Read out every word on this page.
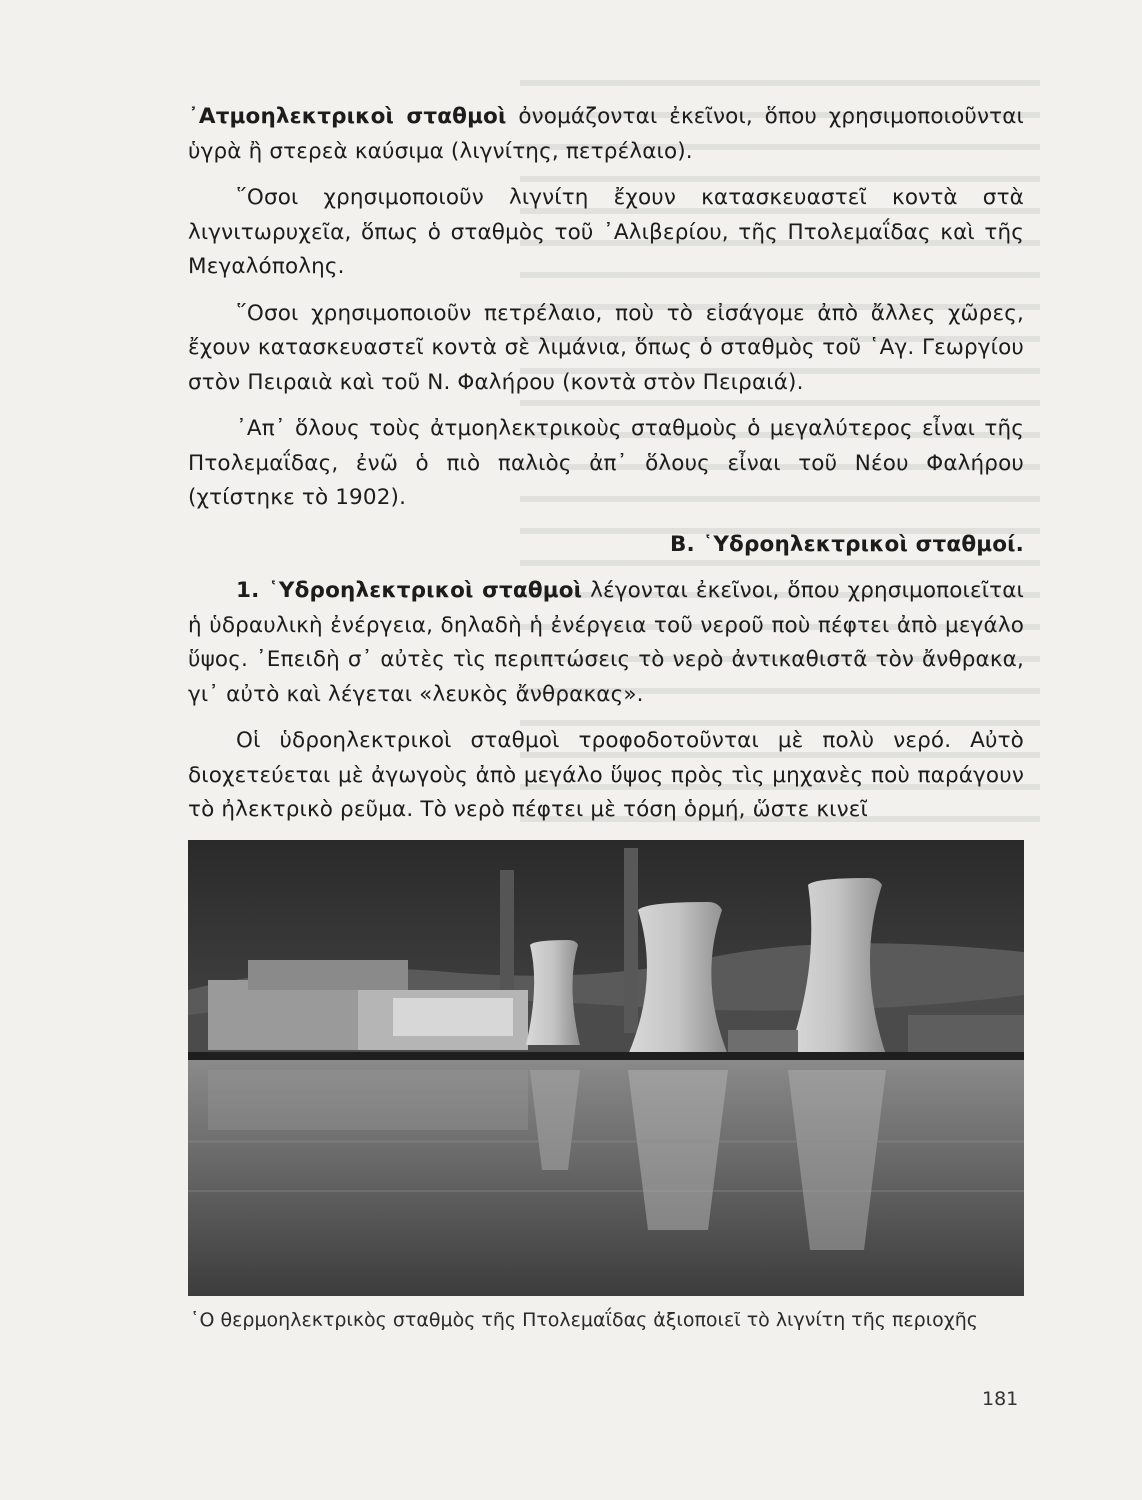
᾿Ατμοηλεκτρικοὶ σταθμοὶ ὀνομάζονται ἐκεῖνοι, ὅπου χρησιμοποιοῦνται ὑγρὰ ἢ στερεὰ καύσιμα (λιγνίτης, πετρέλαιο).

῞Οσοι χρησιμοποιοῦν λιγνίτη ἔχουν κατασκευαστεῖ κοντὰ στὰ λιγνιτωρυχεῖα, ὅπως ὁ σταθμὸς τοῦ ᾿Αλιβερίου, τῆς Πτολεμαΐδας καὶ τῆς Μεγαλόπολης.

῞Οσοι χρησιμοποιοῦν πετρέλαιο, ποὺ τὸ εἰσάγομε ἀπὸ ἄλλες χῶρες, ἔχουν κατασκευαστεῖ κοντὰ σὲ λιμάνια, ὅπως ὁ σταθμὸς τοῦ ῾Αγ. Γεωργίου στὸν Πειραιὰ καὶ τοῦ Ν. Φαλήρου (κοντὰ στὸν Πειραιά).

᾿Απ᾿ ὅλους τοὺς ἀτμοηλεκτρικοὺς σταθμοὺς ὁ μεγαλύτερος εἶναι τῆς Πτολεμαΐδας, ἐνῶ ὁ πιὸ παλιὸς ἀπ᾿ ὅλους εἶναι τοῦ Νέου Φαλήρου (χτίστηκε τὸ 1902).

Β. ῾Υδροηλεκτρικοὶ σταθμοί.

1. ῾Υδροηλεκτρικοὶ σταθμοὶ λέγονται ἐκεῖνοι, ὅπου χρησιμοποιεῖται ἡ ὑδραυλικὴ ἐνέργεια, δηλαδὴ ἡ ἐνέργεια τοῦ νεροῦ ποὺ πέφτει ἀπὸ μεγάλο ὕψος. ᾿Επειδὴ σ᾿ αὐτὲς τὶς περιπτώσεις τὸ νερὸ ἀντικαθιστᾶ τὸν ἄνθρακα, γι᾿ αὐτὸ καὶ λέγεται «λευκὸς ἄνθρακας».

Οἱ ὑδροηλεκτρικοὶ σταθμοὶ τροφοδοτοῦνται μὲ πολὺ νερό. Αὐτὸ διοχετεύεται μὲ ἀγωγοὺς ἀπὸ μεγάλο ὕψος πρὸς τὶς μηχανὲς ποὺ παράγουν τὸ ἠλεκτρικὸ ρεῦμα. Τὸ νερὸ πέφτει μὲ τόση ὁρμή, ὥστε κινεῖ

῾Ο θερμοηλεκτρικὸς σταθμὸς τῆς Πτολεμαΐδας ἀξιοποιεῖ τὸ λιγνίτη τῆς περιοχῆς
181
